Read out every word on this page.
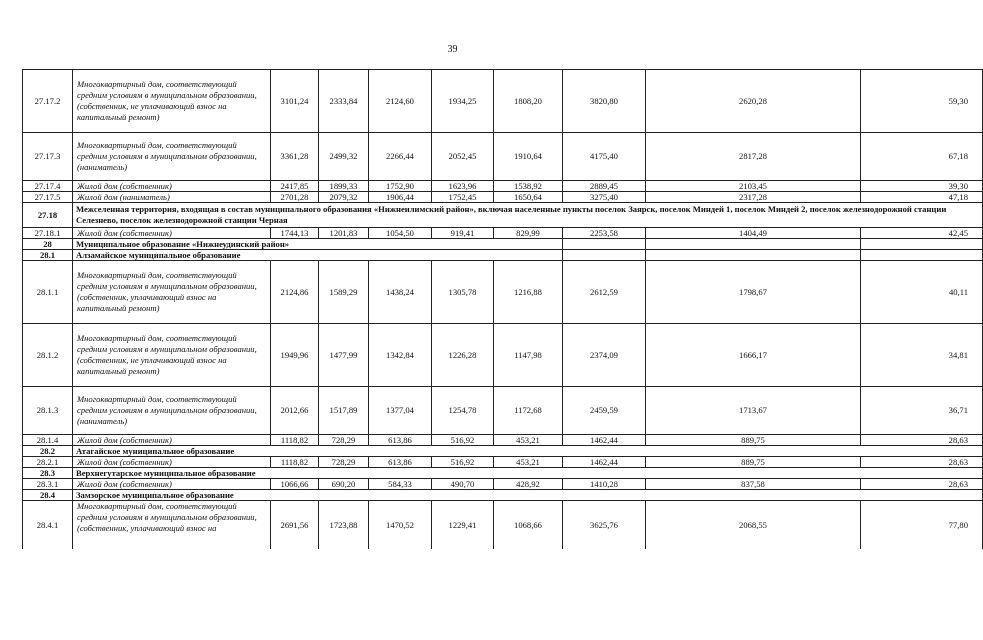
39
27.17.2	Многоквартирный дом, соответствующий средним условиям в муниципальном образовании, (собственник, не уплачивающий взнос на капитальный ремонт)	3101,24	2333,84	2124,60	1934,25	1808,20	3820,80	2620,28	59,30
27.17.3	Многоквартирный дом, соответствующий средним условиям в муниципальном образовании, (наниматель)	3361,28	2499,32	2266,44	2052,45	1910,64	4175,40	2817,28	67,18
27.17.4	Жилой дом (собственник)	2417,85	1899,33	1752,90	1623,96	1538,92	2889,45	2103,45	39,30
27.17.5	Жилой дом (наниматель)	2701,28	2079,32	1906,44	1752,45	1650,64	3275,40	2317,28	47,18
27.18	Межселенная территория, входящая в состав муниципального образования «Нижнеилимский район», включая населенные пункты поселок Заярск, поселок Миндей 1, поселок Миндей 2, поселок железнодорожной станции Селезнево, поселок железнодорожной станции Черная								
27.18.1	Жилой дом (собственник)	1744,13	1201,83	1054,50	919,41	829,99	2253,58	1404,49	42,45
28	Муниципальное образование «Нижнеудинский район»								
28.1	Алзамайское муниципальное образование								
28.1.1	Многоквартирный дом, соответствующий средним условиям в муниципальном образовании, (собственник, уплачивающий взнос на капитальный ремонт)	2124,86	1589,29	1438,24	1305,78	1216,88	2612,59	1798,67	40,11
28.1.2	Многоквартирный дом, соответствующий средним условиям в муниципальном образовании, (собственник, не уплачивающий взнос на капитальный ремонт)	1949,96	1477,99	1342,84	1226,28	1147,98	2374,09	1666,17	34,81
28.1.3	Многоквартирный дом, соответствующий средним условиям в муниципальном образовании, (наниматель)	2012,66	1517,89	1377,04	1254,78	1172,68	2459,59	1713,67	36,71
28.1.4	Жилой дом (собственник)	1118,82	728,29	613,86	516,92	453,21	1462,44	889,75	28,63
28.2	Атагайское муниципальное образование								
28.2.1	Жилой дом (собственник)	1118,82	728,29	613,86	516,92	453,21	1462,44	889,75	28,63
28.3	Верхнегутарское муниципальное образование								
28.3.1	Жилой дом (собственник)	1066,66	690,20	584,33	490,70	428,92	1410,28	837,58	28,63
28.4	Замзорское муниципальное образование								
28.4.1	Многоквартирный дом, соответствующий средним условиям в муниципальном образовании, (собственник, уплачивающий взнос на	2691,56	1723,88	1470,52	1229,41	1068,66	3625,76	2068,55	77,80
